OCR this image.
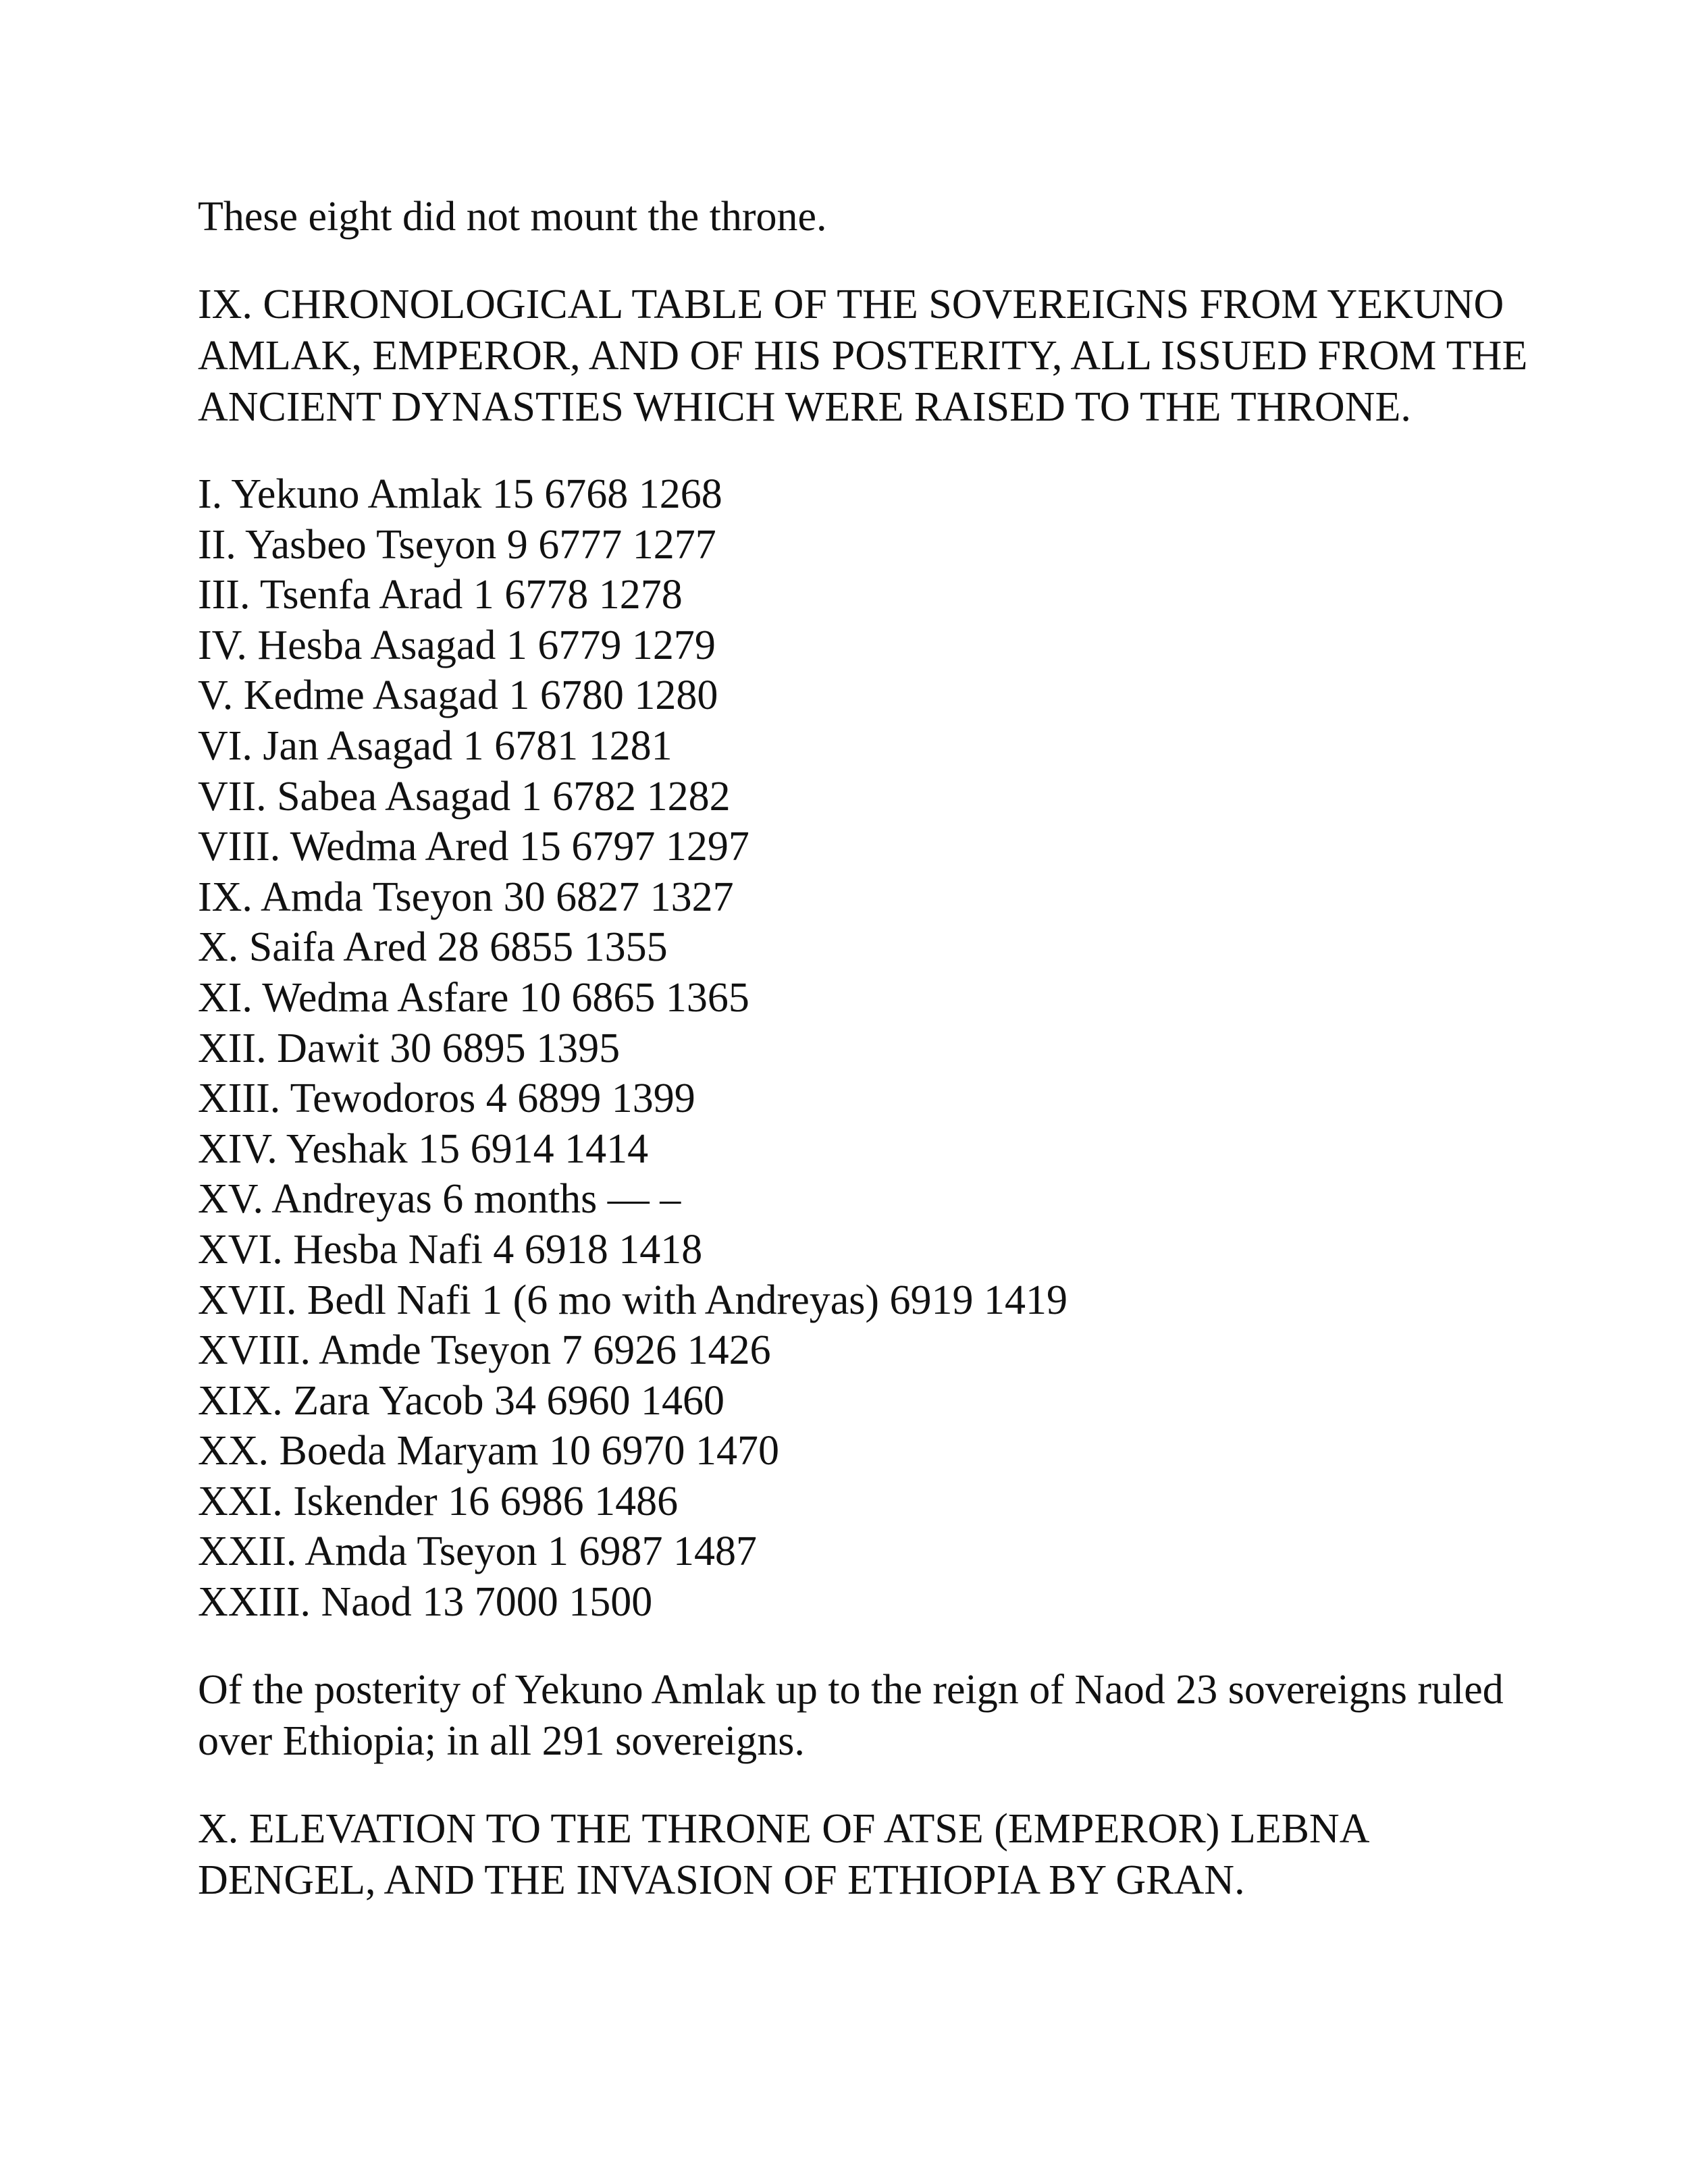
These eight did not mount the throne.

IX. CHRONOLOGICAL TABLE OF THE SOVEREIGNS FROM YEKUNO AMLAK, EMPEROR, AND OF HIS POSTERITY, ALL ISSUED FROM THE ANCIENT DYNASTIES WHICH WERE RAISED TO THE THRONE.

I. Yekuno Amlak 15 6768 1268
II. Yasbeo Tseyon 9 6777 1277
III. Tsenfa Arad 1 6778 1278
IV. Hesba Asagad 1 6779 1279
V. Kedme Asagad 1 6780 1280
VI. Jan Asagad 1 6781 1281
VII. Sabea Asagad 1 6782 1282
VIII. Wedma Ared 15 6797 1297
IX. Amda Tseyon 30 6827 1327
X. Saifa Ared 28 6855 1355
XI. Wedma Asfare 10 6865 1365
XII. Dawit 30 6895 1395
XIII. Tewodoros 4 6899 1399
XIV. Yeshak 15 6914 1414
XV. Andreyas 6 months — –
XVI. Hesba Nafi 4 6918 1418
XVII. Bedl Nafi 1 (6 mo with Andreyas) 6919 1419
XVIII. Amde Tseyon 7 6926 1426
XIX. Zara Yacob 34 6960 1460
XX. Boeda Maryam 10 6970 1470
XXI. Iskender 16 6986 1486
XXII. Amda Tseyon 1 6987 1487
XXIII. Naod 13 7000 1500

Of the posterity of Yekuno Amlak up to the reign of Naod 23 sovereigns ruled over Ethiopia; in all 291 sovereigns.

X. ELEVATION TO THE THRONE OF ATSE (EMPEROR) LEBNA DENGEL, AND THE INVASION OF ETHIOPIA BY GRAN.
